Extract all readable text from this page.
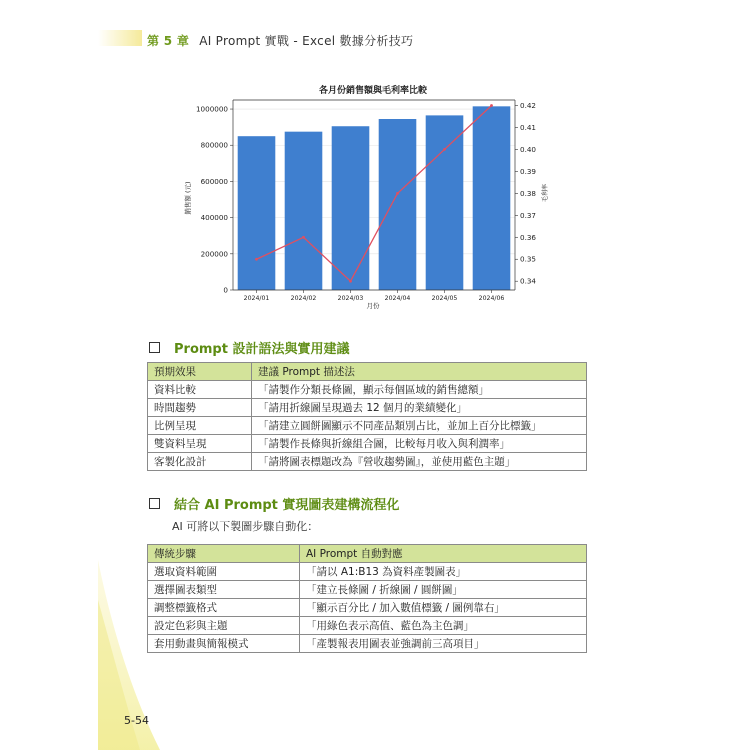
第 5 章 AI Prompt 實戰 - Excel 數據分析技巧
各月份銷售額與毛利率比較
0
200000
400000
600000
800000
1000000
2024/01	2024/02	2024/03	2024/04	2024/05	2024/06
0.34
0.35
0.36
0.37
0.38
0.39
0.40
0.41
0.42
月份
銷售額 (元)	毛利率
Prompt 設計語法與實用建議
預期效果	建議 Prompt 描述法
資料比較	「請製作分類長條圖，顯示每個區域的銷售總額」
時間趨勢	「請用折線圖呈現過去 12 個月的業績變化」
比例呈現	「請建立圓餅圖顯示不同產品類別占比，並加上百分比標籤」
雙資料呈現	「請製作長條與折線組合圖，比較每月收入與利潤率」
客製化設計	「請將圖表標題改為『營收趨勢圖』，並使用藍色主題」
結合 AI Prompt 實現圖表建構流程化
AI 可將以下製圖步驟自動化：
傳統步驟	AI Prompt 自動對應
選取資料範圍	「請以 A1:B13 為資料產製圖表」
選擇圖表類型	「建立長條圖 / 折線圖 / 圓餅圖」
調整標籤格式	「顯示百分比 / 加入數值標籤 / 圖例靠右」
設定色彩與主題	「用綠色表示高值、藍色為主色調」
套用動畫與簡報模式	「產製報表用圖表並強調前三高項目」
5-54
